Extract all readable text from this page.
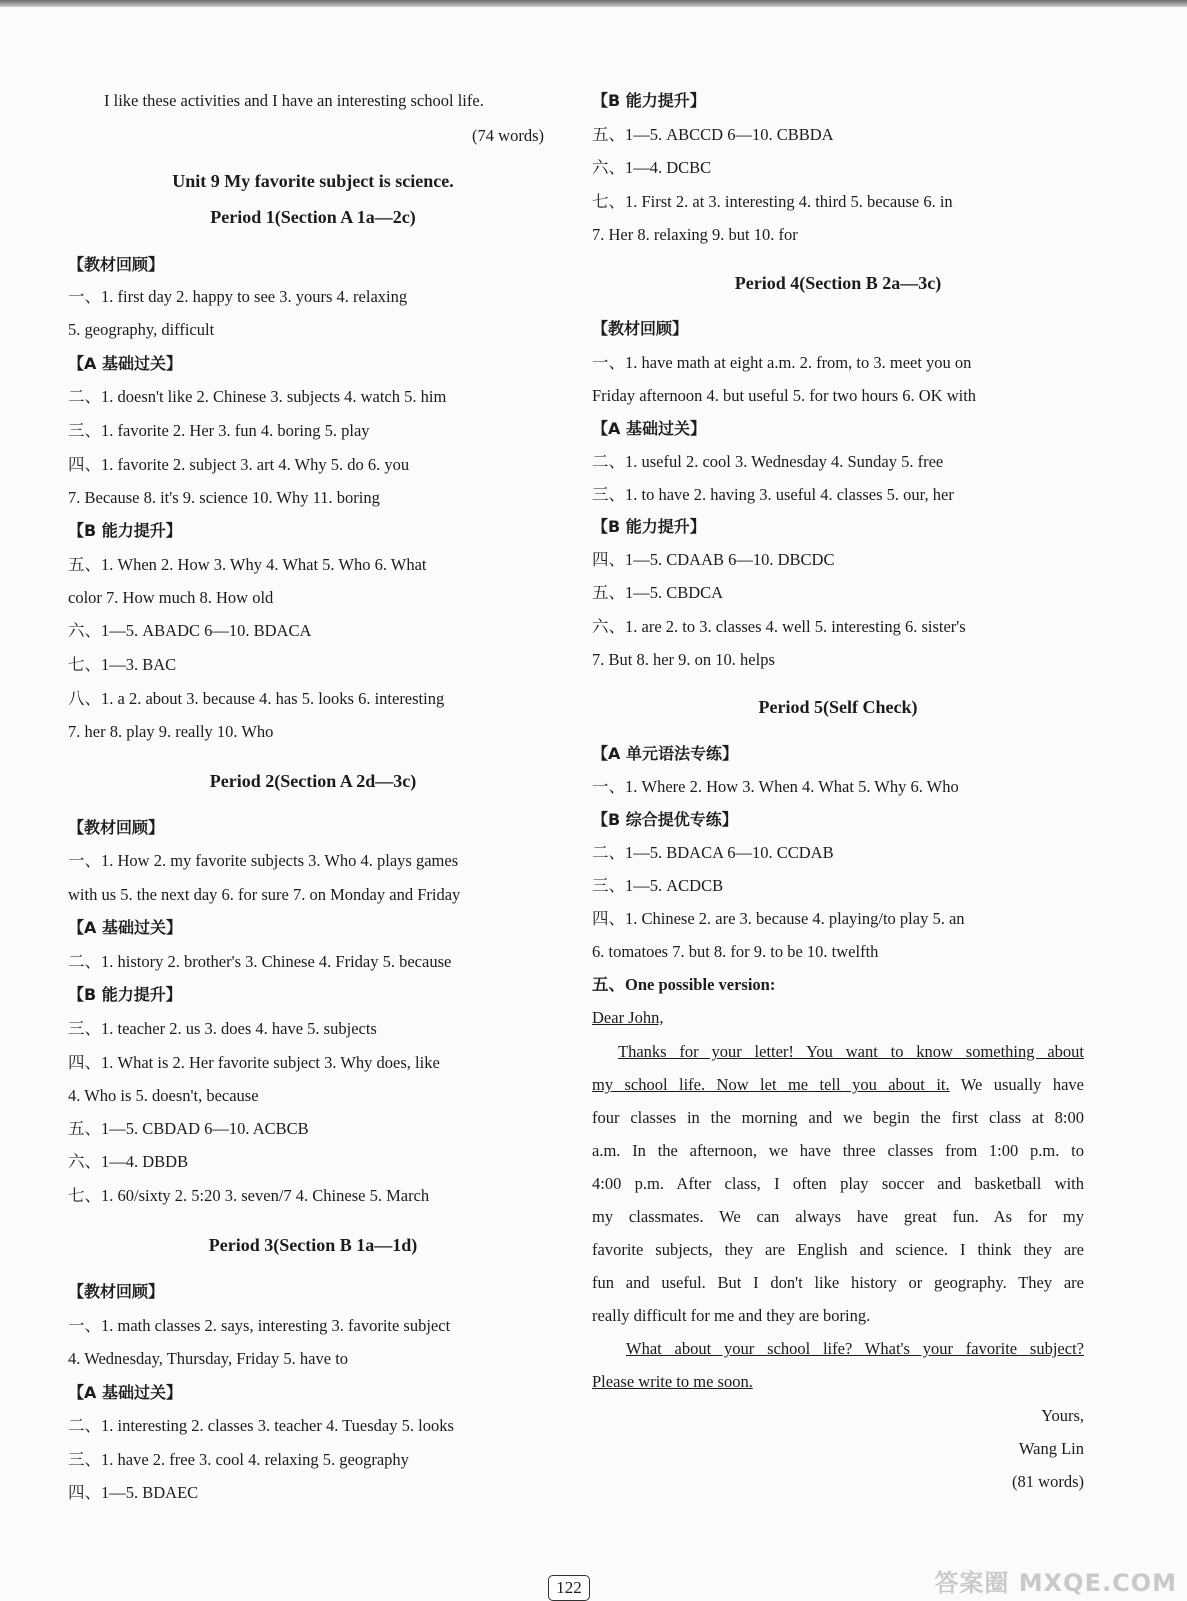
I like these activities and I have an interesting school life.
(74 words)
Unit 9 My favorite subject is science.
Period 1(Section A 1a—2c)
【教材回顾】
一、1. first day 2. happy to see 3. yours 4. relaxing
5. geography, difficult
【A 基础过关】
二、1. doesn't like 2. Chinese 3. subjects 4. watch 5. him
三、1. favorite 2. Her 3. fun 4. boring 5. play
四、1. favorite 2. subject 3. art 4. Why 5. do 6. you
7. Because 8. it's 9. science 10. Why 11. boring
【B 能力提升】
五、1. When 2. How 3. Why 4. What 5. Who 6. What
color 7. How much 8. How old
六、1—5. ABADC 6—10. BDACA
七、1—3. BAC
八、1. a 2. about 3. because 4. has 5. looks 6. interesting
7. her 8. play 9. really 10. Who
Period 2(Section A 2d—3c)
【教材回顾】
一、1. How 2. my favorite subjects 3. Who 4. plays games
with us 5. the next day 6. for sure 7. on Monday and Friday
【A 基础过关】
二、1. history 2. brother's 3. Chinese 4. Friday 5. because
【B 能力提升】
三、1. teacher 2. us 3. does 4. have 5. subjects
四、1. What is 2. Her favorite subject 3. Why does, like
4. Who is 5. doesn't, because
五、1—5. CBDAD 6—10. ACBCB
六、1—4. DBDB
七、1. 60/sixty 2. 5:20 3. seven/7 4. Chinese 5. March
Period 3(Section B 1a—1d)
【教材回顾】
一、1. math classes 2. says, interesting 3. favorite subject
4. Wednesday, Thursday, Friday 5. have to
【A 基础过关】
二、1. interesting 2. classes 3. teacher 4. Tuesday 5. looks
三、1. have 2. free 3. cool 4. relaxing 5. geography
四、1—5. BDAEC
【B 能力提升】
五、1—5. ABCCD 6—10. CBBDA
六、1—4. DCBC
七、1. First 2. at 3. interesting 4. third 5. because 6. in
7. Her 8. relaxing 9. but 10. for
Period 4(Section B 2a—3c)
【教材回顾】
一、1. have math at eight a.m. 2. from, to 3. meet you on
Friday afternoon 4. but useful 5. for two hours 6. OK with
【A 基础过关】
二、1. useful 2. cool 3. Wednesday 4. Sunday 5. free
三、1. to have 2. having 3. useful 4. classes 5. our, her
【B 能力提升】
四、1—5. CDAAB 6—10. DBCDC
五、1—5. CBDCA
六、1. are 2. to 3. classes 4. well 5. interesting 6. sister's
7. But 8. her 9. on 10. helps
Period 5(Self Check)
【A 单元语法专练】
一、1. Where 2. How 3. When 4. What 5. Why 6. Who
【B 综合提优专练】
二、1—5. BDACA 6—10. CCDAB
三、1—5. ACDCB
四、1. Chinese 2. are 3. because 4. playing/to play 5. an
6. tomatoes 7. but 8. for 9. to be 10. twelfth
五、One possible version:
Dear John,
Thanks for your letter! You want to know something about
my school life. Now let me tell you about it. We usually have
four classes in the morning and we begin the first class at 8:00
a.m. In the afternoon, we have three classes from 1:00 p.m. to
4:00 p.m. After class, I often play soccer and basketball with
my classmates. We can always have great fun. As for my
favorite subjects, they are English and science. I think they are
fun and useful. But I don't like history or geography. They are
really difficult for me and they are boring.
What about your school life? What's your favorite subject?
Please write to me soon.
Yours,
Wang Lin
(81 words)
122	答案圈 MXQE.COM
